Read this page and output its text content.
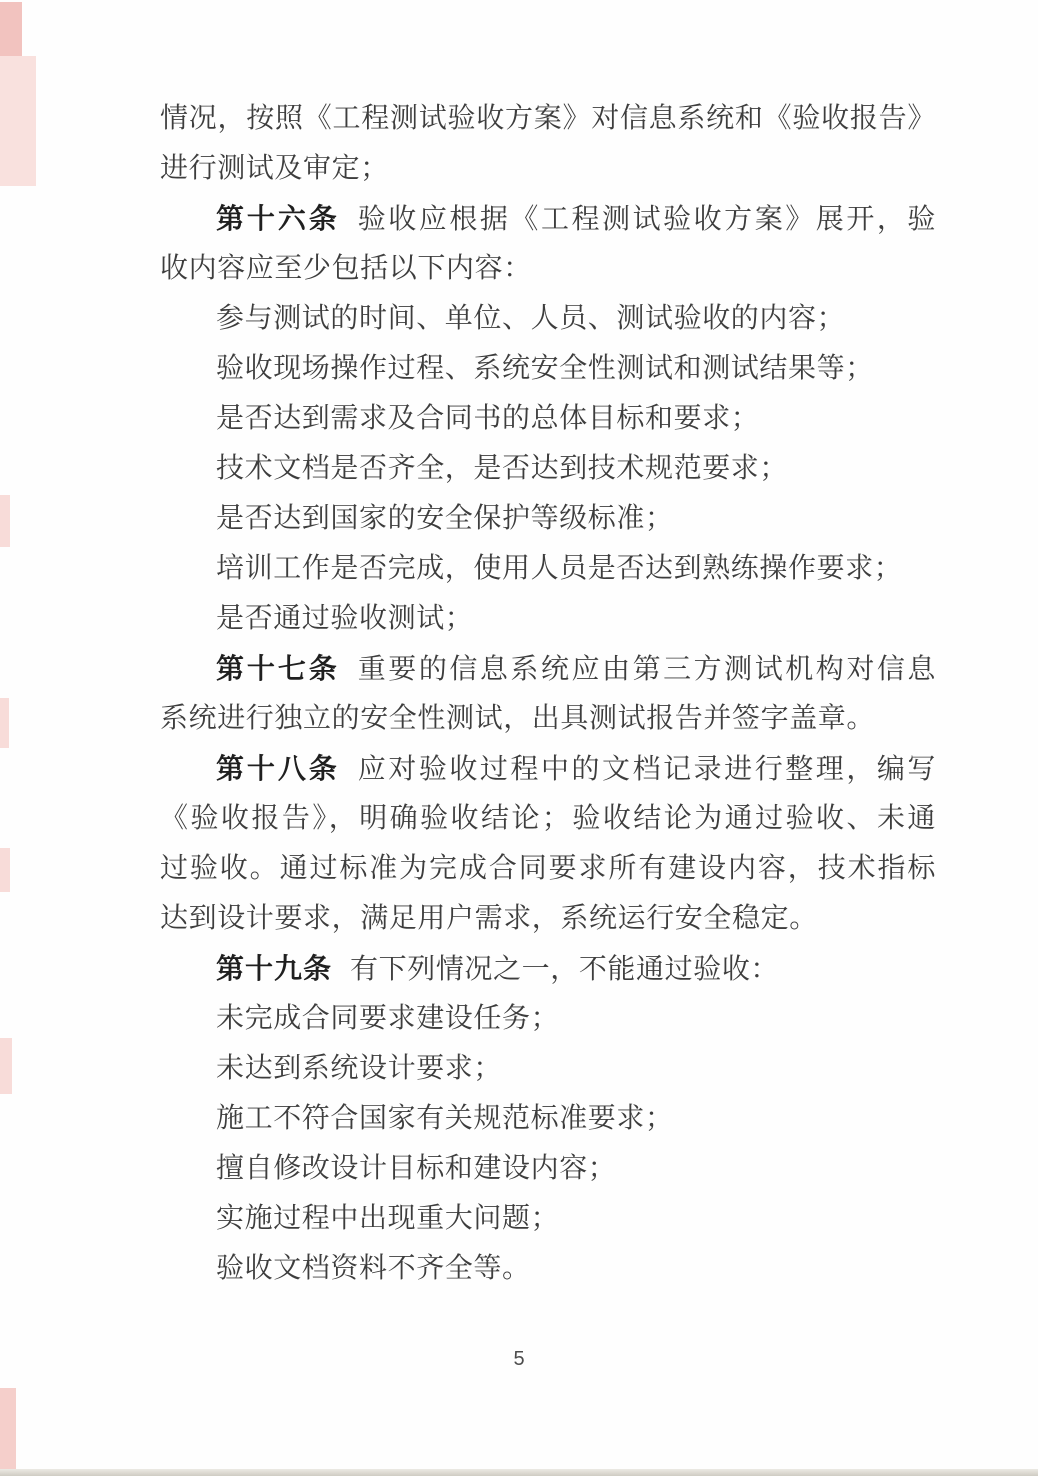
情况，按照《工程测试验收方案》对信息系统和《验收报告》
进行测试及审定；
第十六条 验收应根据《工程测试验收方案》展开，验
收内容应至少包括以下内容：
参与测试的时间、单位、人员、测试验收的内容；
验收现场操作过程、系统安全性测试和测试结果等；
是否达到需求及合同书的总体目标和要求；
技术文档是否齐全，是否达到技术规范要求；
是否达到国家的安全保护等级标准；
培训工作是否完成，使用人员是否达到熟练操作要求；
是否通过验收测试；
第十七条 重要的信息系统应由第三方测试机构对信息
系统进行独立的安全性测试，出具测试报告并签字盖章。
第十八条 应对验收过程中的文档记录进行整理，编写
《验收报告》，明确验收结论；验收结论为通过验收、未通
过验收。通过标准为完成合同要求所有建设内容，技术指标
达到设计要求，满足用户需求，系统运行安全稳定。
第十九条 有下列情况之一，不能通过验收：
未完成合同要求建设任务；
未达到系统设计要求；
施工不符合国家有关规范标准要求；
擅自修改设计目标和建设内容；
实施过程中出现重大问题；
验收文档资料不齐全等。
5
